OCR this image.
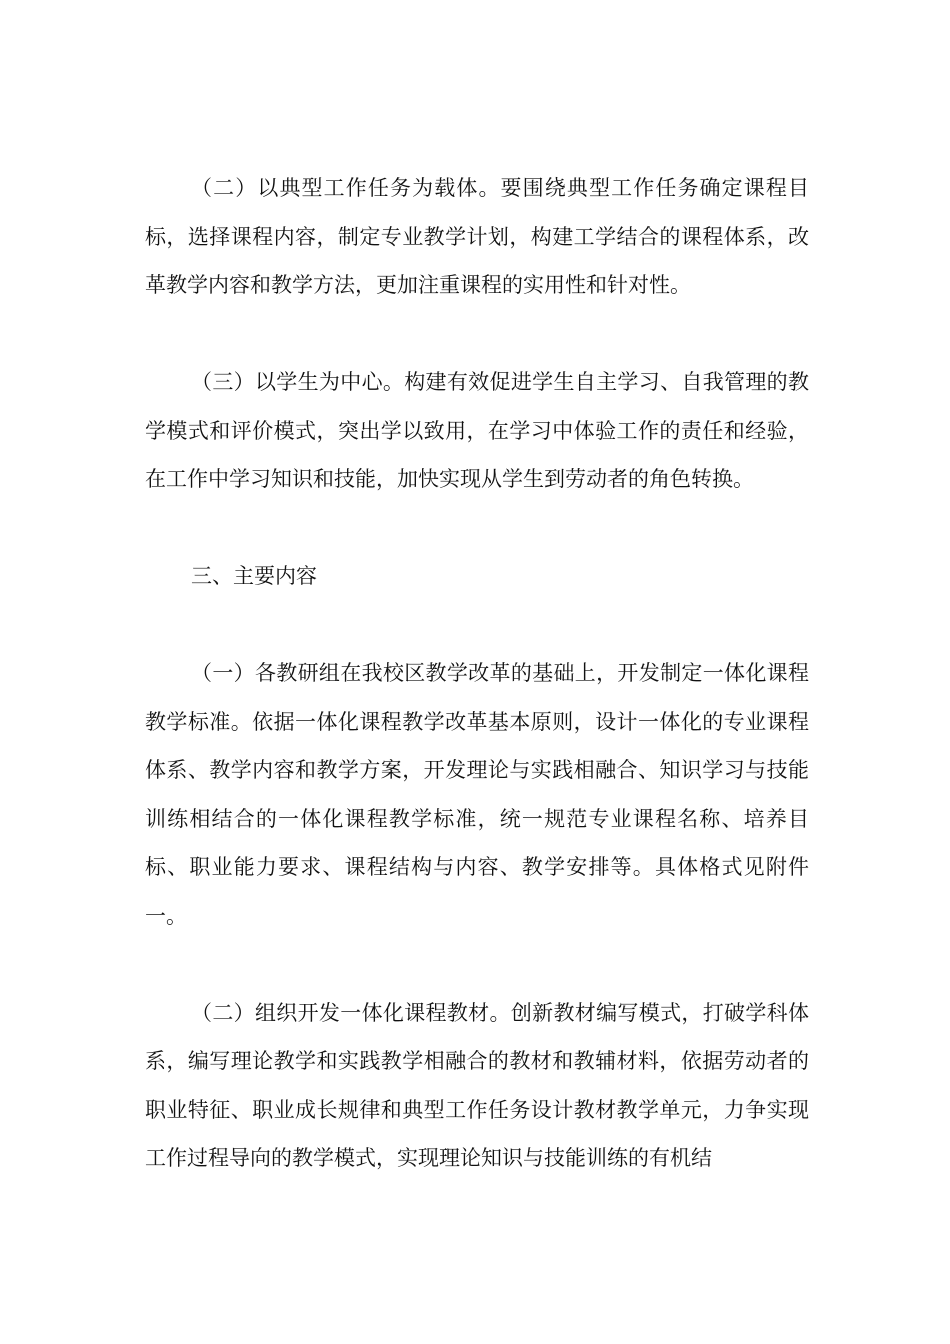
（二）以典型工作任务为载体。要围绕典型工作任务确定课程目标，选择课程内容，制定专业教学计划，构建工学结合的课程体系，改革教学内容和教学方法，更加注重课程的实用性和针对性。

（三）以学生为中心。构建有效促进学生自主学习、自我管理的教学模式和评价模式，突出学以致用，在学习中体验工作的责任和经验，在工作中学习知识和技能，加快实现从学生到劳动者的角色转换。

三、主要内容

（一）各教研组在我校区教学改革的基础上，开发制定一体化课程教学标准。依据一体化课程教学改革基本原则，设计一体化的专业课程体系、教学内容和教学方案，开发理论与实践相融合、知识学习与技能训练相结合的一体化课程教学标准，统一规范专业课程名称、培养目标、职业能力要求、课程结构与内容、教学安排等。具体格式见附件一。

（二）组织开发一体化课程教材。创新教材编写模式，打破学科体系，编写理论教学和实践教学相融合的教材和教辅材料，依据劳动者的职业特征、职业成长规律和典型工作任务设计教材教学单元，力争实现工作过程导向的教学模式，实现理论知识与技能训练的有机结
